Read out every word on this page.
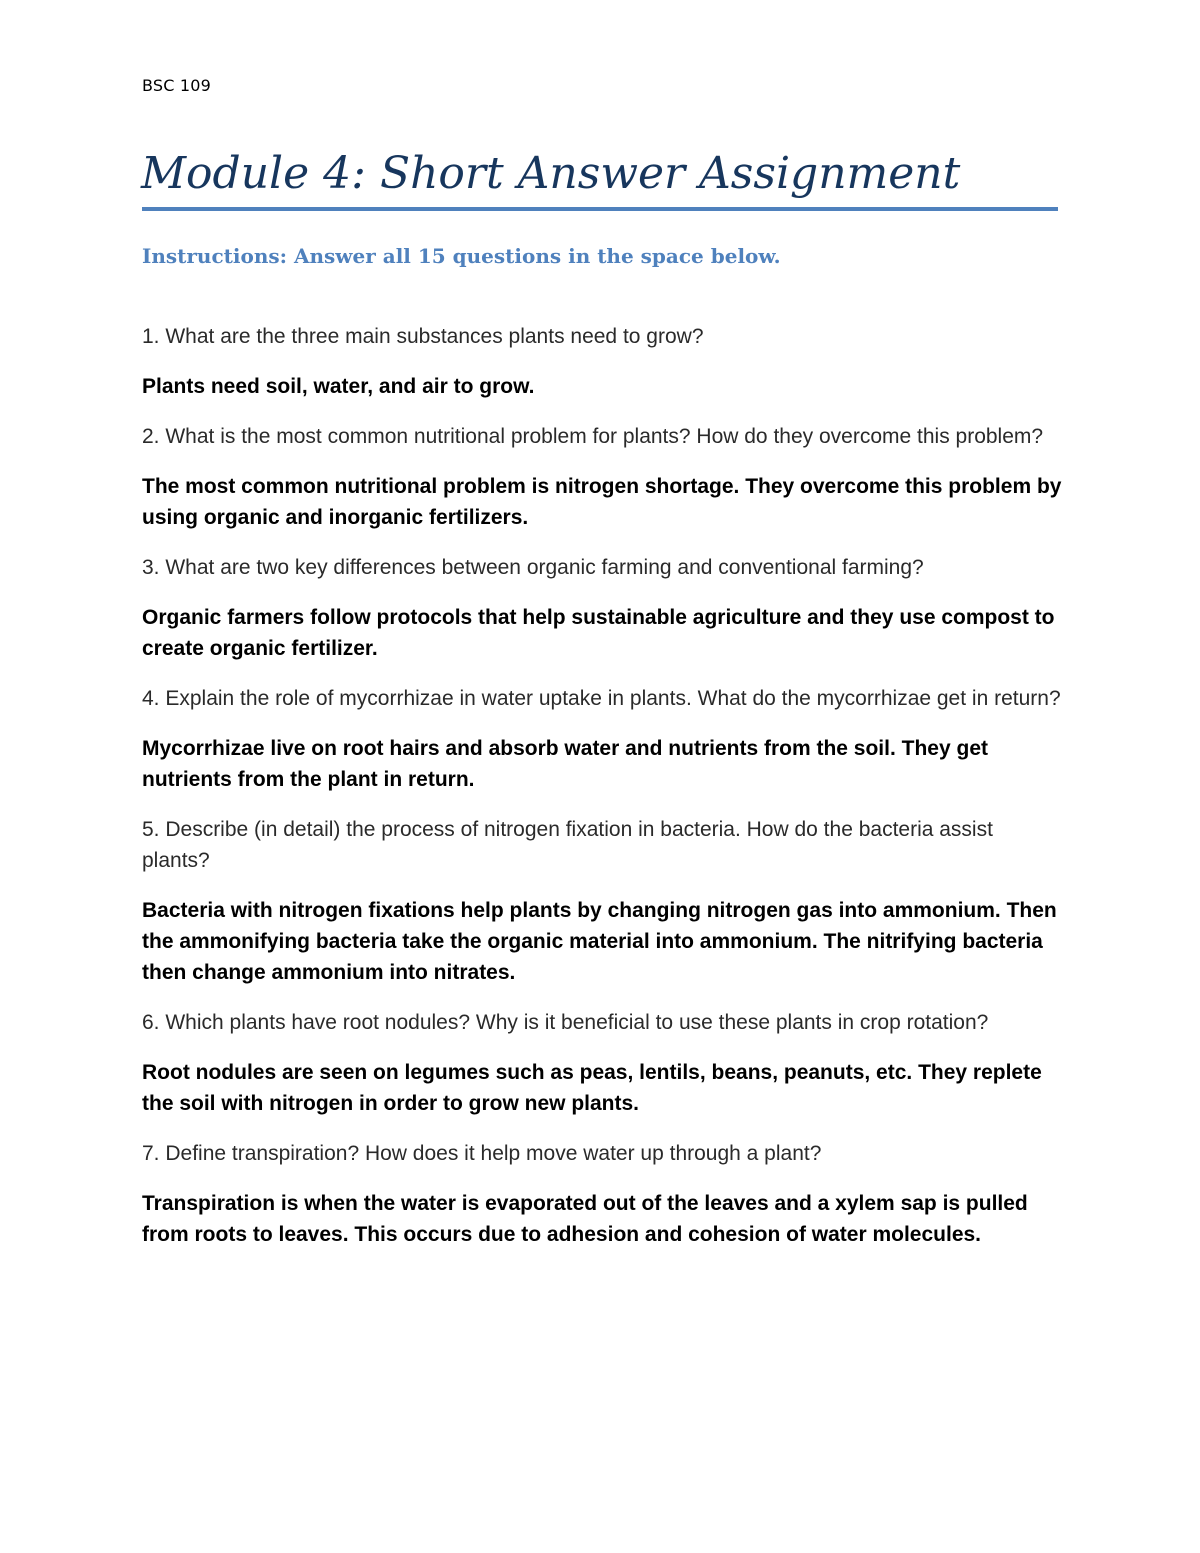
BSC 109
Module 4: Short Answer Assignment
Instructions: Answer all 15 questions in the space below.

1. What are the three main substances plants need to grow?

Plants need soil, water, and air to grow.

2. What is the most common nutritional problem for plants? How do they overcome this problem?

The most common nutritional problem is nitrogen shortage. They overcome this problem by using organic and inorganic fertilizers.

3. What are two key differences between organic farming and conventional farming?

Organic farmers follow protocols that help sustainable agriculture and they use compost to create organic fertilizer.

4. Explain the role of mycorrhizae in water uptake in plants. What do the mycorrhizae get in return?

Mycorrhizae live on root hairs and absorb water and nutrients from the soil. They get nutrients from the plant in return.

5. Describe (in detail) the process of nitrogen fixation in bacteria. How do the bacteria assist plants?

Bacteria with nitrogen fixations help plants by changing nitrogen gas into ammonium. Then the ammonifying bacteria take the organic material into ammonium. The nitrifying bacteria then change ammonium into nitrates.

6. Which plants have root nodules? Why is it beneficial to use these plants in crop rotation?

Root nodules are seen on legumes such as peas, lentils, beans, peanuts, etc. They replete the soil with nitrogen in order to grow new plants.

7. Define transpiration? How does it help move water up through a plant?

Transpiration is when the water is evaporated out of the leaves and a xylem sap is pulled from roots to leaves. This occurs due to adhesion and cohesion of water molecules.
